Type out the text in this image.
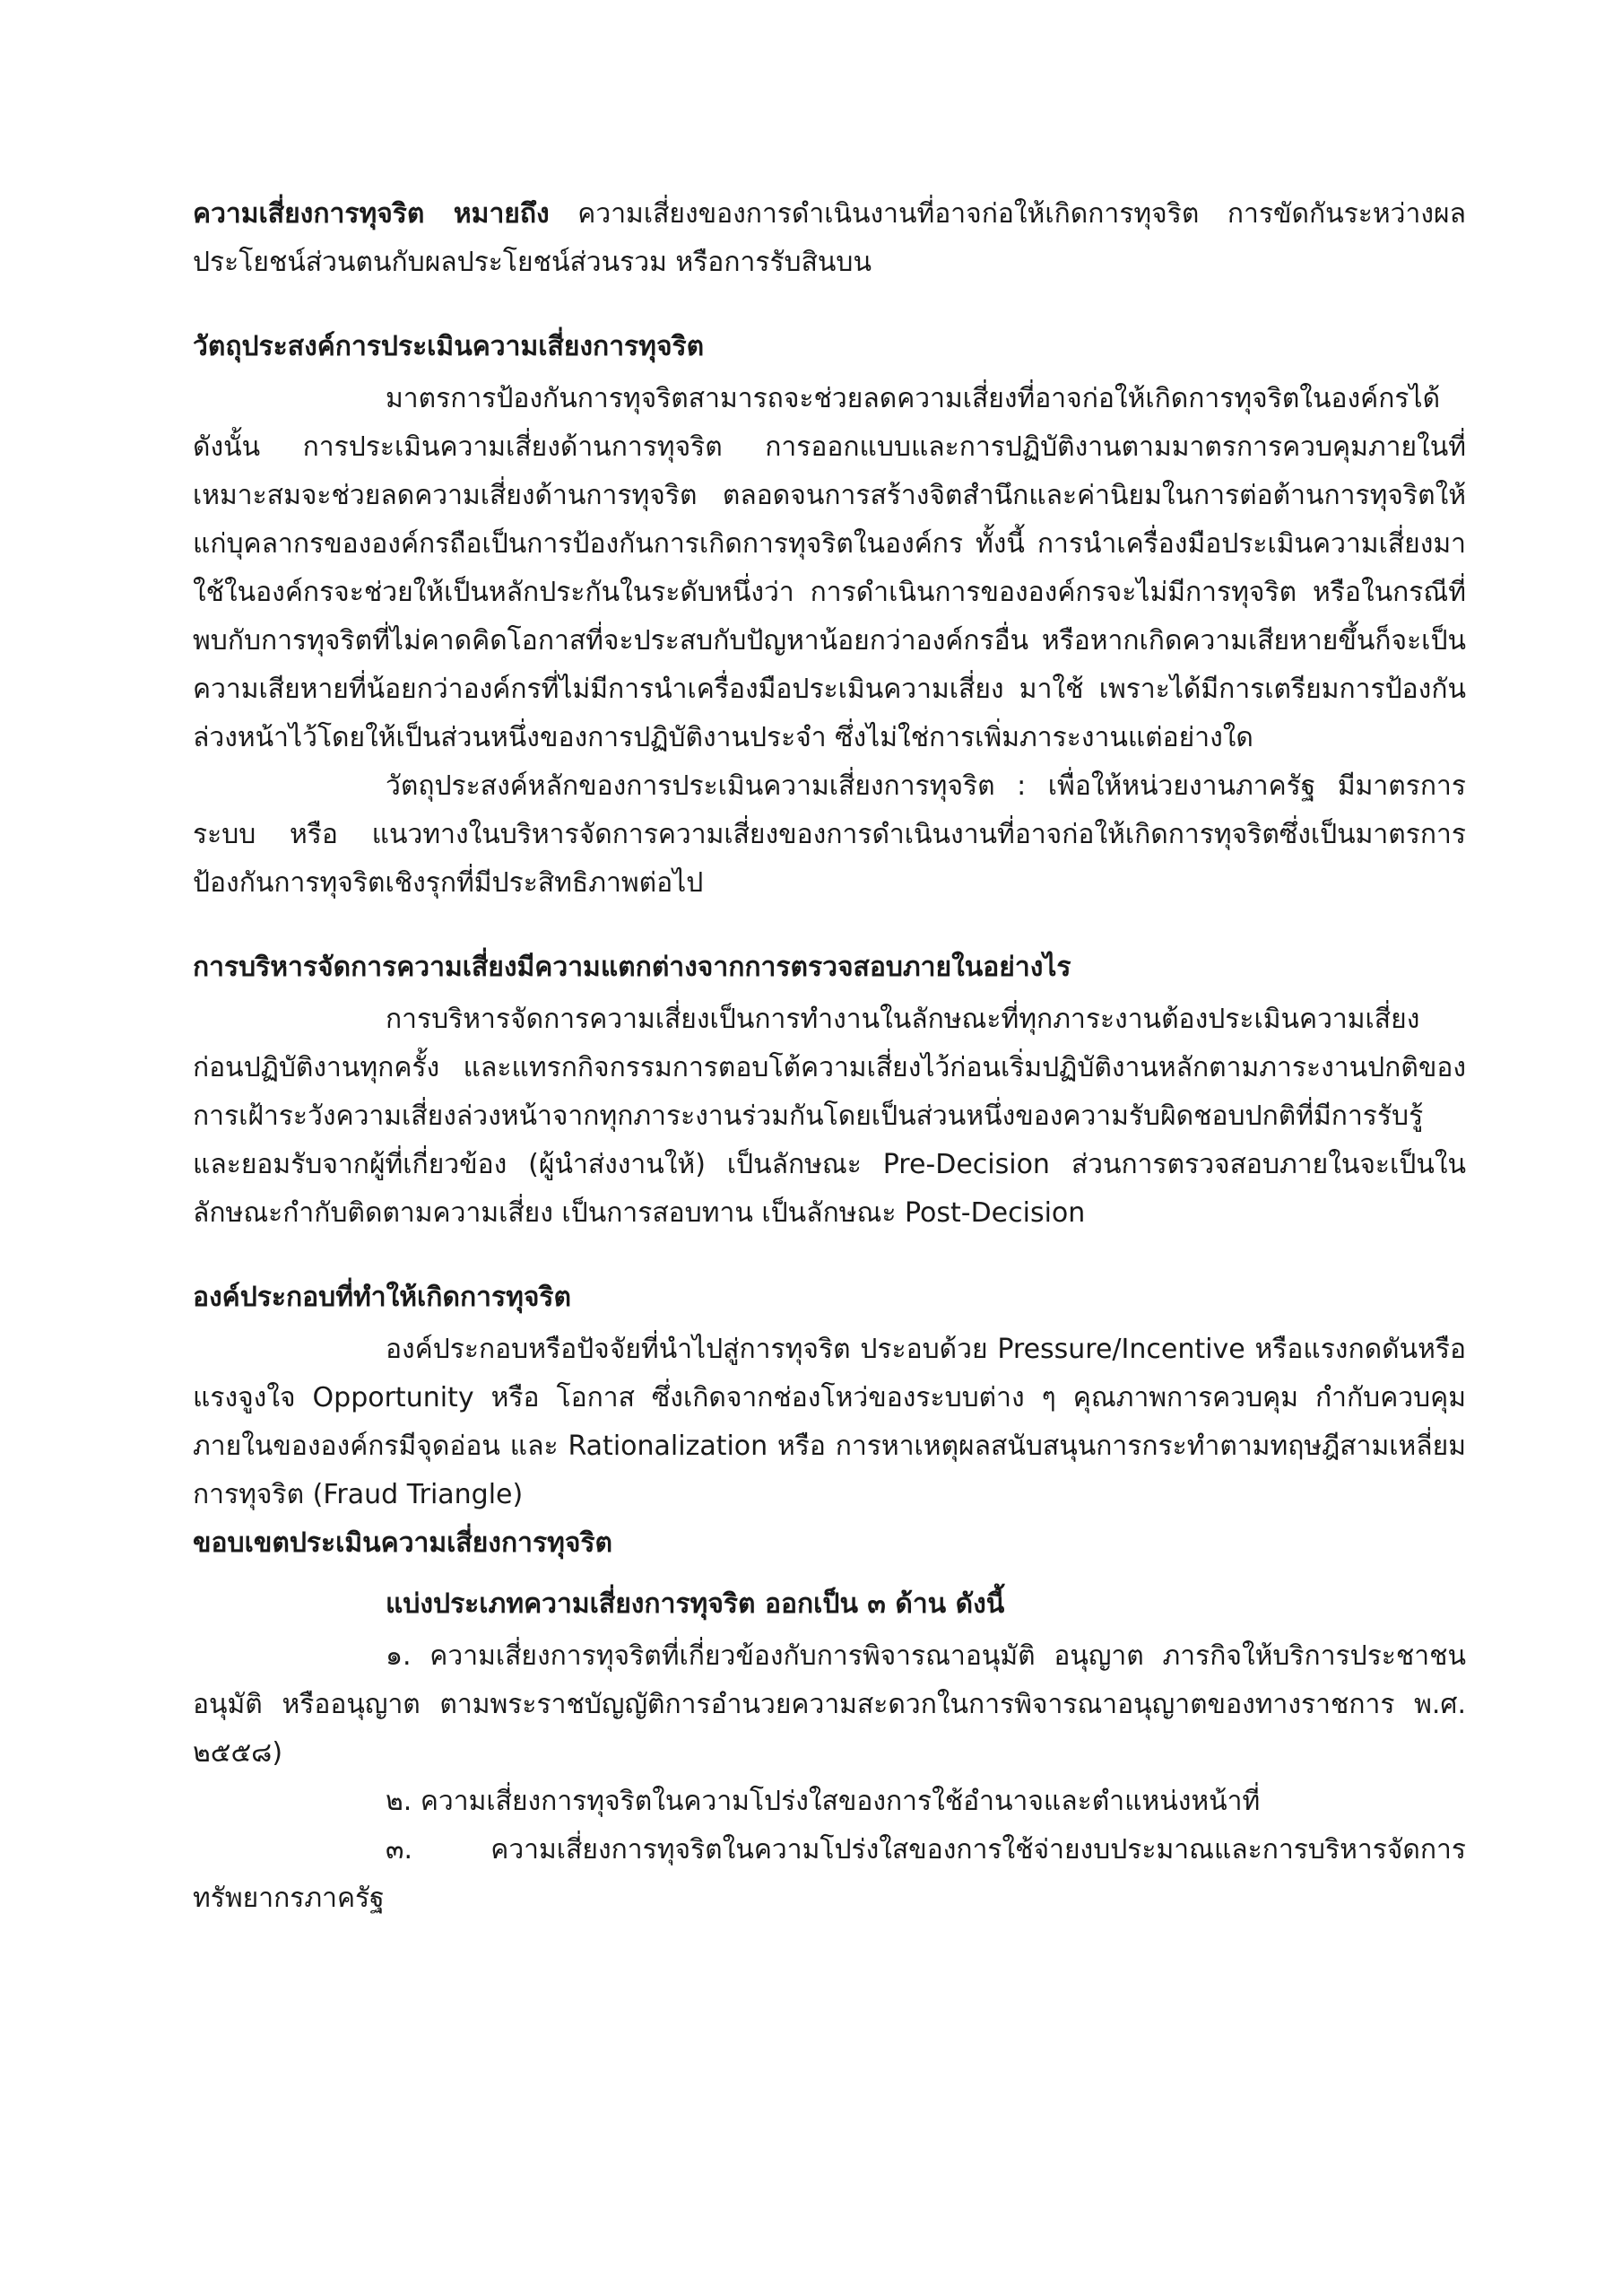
ความเสี่ยงการทุจริต หมายถึง ความเสี่ยงของการดำเนินงานที่อาจก่อให้เกิดการทุจริต การขัดกันระหว่างผลประโยชน์ส่วนตนกับผลประโยชน์ส่วนรวม หรือการรับสินบน

วัตถุประสงค์การประเมินความเสี่ยงการทุจริต

มาตรการป้องกันการทุจริตสามารถจะช่วยลดความเสี่ยงที่อาจก่อให้เกิดการทุจริตในองค์กรได้ ดังนั้น การประเมินความเสี่ยงด้านการทุจริต การออกแบบและการปฏิบัติงานตามมาตรการควบคุมภายในที่เหมาะสมจะช่วยลดความเสี่ยงด้านการทุจริต ตลอดจนการสร้างจิตสำนึกและค่านิยมในการต่อต้านการทุจริตให้แก่บุคลากรขององค์กรถือเป็นการป้องกันการเกิดการทุจริตในองค์กร ทั้งนี้ การนำเครื่องมือประเมินความเสี่ยงมาใช้ในองค์กรจะช่วยให้เป็นหลักประกันในระดับหนึ่งว่า การดำเนินการขององค์กรจะไม่มีการทุจริต หรือในกรณีที่พบกับการทุจริตที่ไม่คาดคิดโอกาสที่จะประสบกับปัญหาน้อยกว่าองค์กรอื่น หรือหากเกิดความเสียหายขึ้นก็จะเป็นความเสียหายที่น้อยกว่าองค์กรที่ไม่มีการนำเครื่องมือประเมินความเสี่ยง มาใช้ เพราะได้มีการเตรียมการป้องกันล่วงหน้าไว้โดยให้เป็นส่วนหนึ่งของการปฏิบัติงานประจำ ซึ่งไม่ใช่การเพิ่มภาระงานแต่อย่างใด

วัตถุประสงค์หลักของการประเมินความเสี่ยงการทุจริต : เพื่อให้หน่วยงานภาครัฐ มีมาตรการ ระบบ หรือ แนวทางในบริหารจัดการความเสี่ยงของการดำเนินงานที่อาจก่อให้เกิดการทุจริตซึ่งเป็นมาตรการป้องกันการทุจริตเชิงรุกที่มีประสิทธิภาพต่อไป

การบริหารจัดการความเสี่ยงมีความแตกต่างจากการตรวจสอบภายในอย่างไร

การบริหารจัดการความเสี่ยงเป็นการทำงานในลักษณะที่ทุกภาระงานต้องประเมินความเสี่ยงก่อนปฏิบัติงานทุกครั้ง และแทรกกิจกรรมการตอบโต้ความเสี่ยงไว้ก่อนเริ่มปฏิบัติงานหลักตามภาระงานปกติของการเฝ้าระวังความเสี่ยงล่วงหน้าจากทุกภาระงานร่วมกันโดยเป็นส่วนหนึ่งของความรับผิดชอบปกติที่มีการรับรู้และยอมรับจากผู้ที่เกี่ยวข้อง (ผู้นำส่งงานให้) เป็นลักษณะ Pre-Decision ส่วนการตรวจสอบภายในจะเป็นในลักษณะกำกับติดตามความเสี่ยง เป็นการสอบทาน เป็นลักษณะ Post-Decision

องค์ประกอบที่ทำให้เกิดการทุจริต

องค์ประกอบหรือปัจจัยที่นำไปสู่การทุจริต ประอบด้วย Pressure/Incentive หรือแรงกดดันหรือแรงจูงใจ Opportunity หรือ โอกาส ซึ่งเกิดจากช่องโหว่ของระบบต่าง ๆ คุณภาพการควบคุม กำกับควบคุมภายในขององค์กรมีจุดอ่อน และ Rationalization หรือ การหาเหตุผลสนับสนุนการกระทำตามทฤษฎีสามเหลี่ยมการทุจริต (Fraud Triangle)

ขอบเขตประเมินความเสี่ยงการทุจริต

แบ่งประเภทความเสี่ยงการทุจริต ออกเป็น ๓ ด้าน ดังนี้

๑. ความเสี่ยงการทุจริตที่เกี่ยวข้องกับการพิจารณาอนุมัติ อนุญาต ภารกิจให้บริการประชาชน อนุมัติ หรืออนุญาต ตามพระราชบัญญัติการอำนวยความสะดวกในการพิจารณาอนุญาตของทางราชการ พ.ศ. ๒๕๕๘)

๒. ความเสี่ยงการทุจริตในความโปร่งใสของการใช้อำนาจและตำแหน่งหน้าที่

๓. ความเสี่ยงการทุจริตในความโปร่งใสของการใช้จ่ายงบประมาณและการบริหารจัดการทรัพยากรภาครัฐ
